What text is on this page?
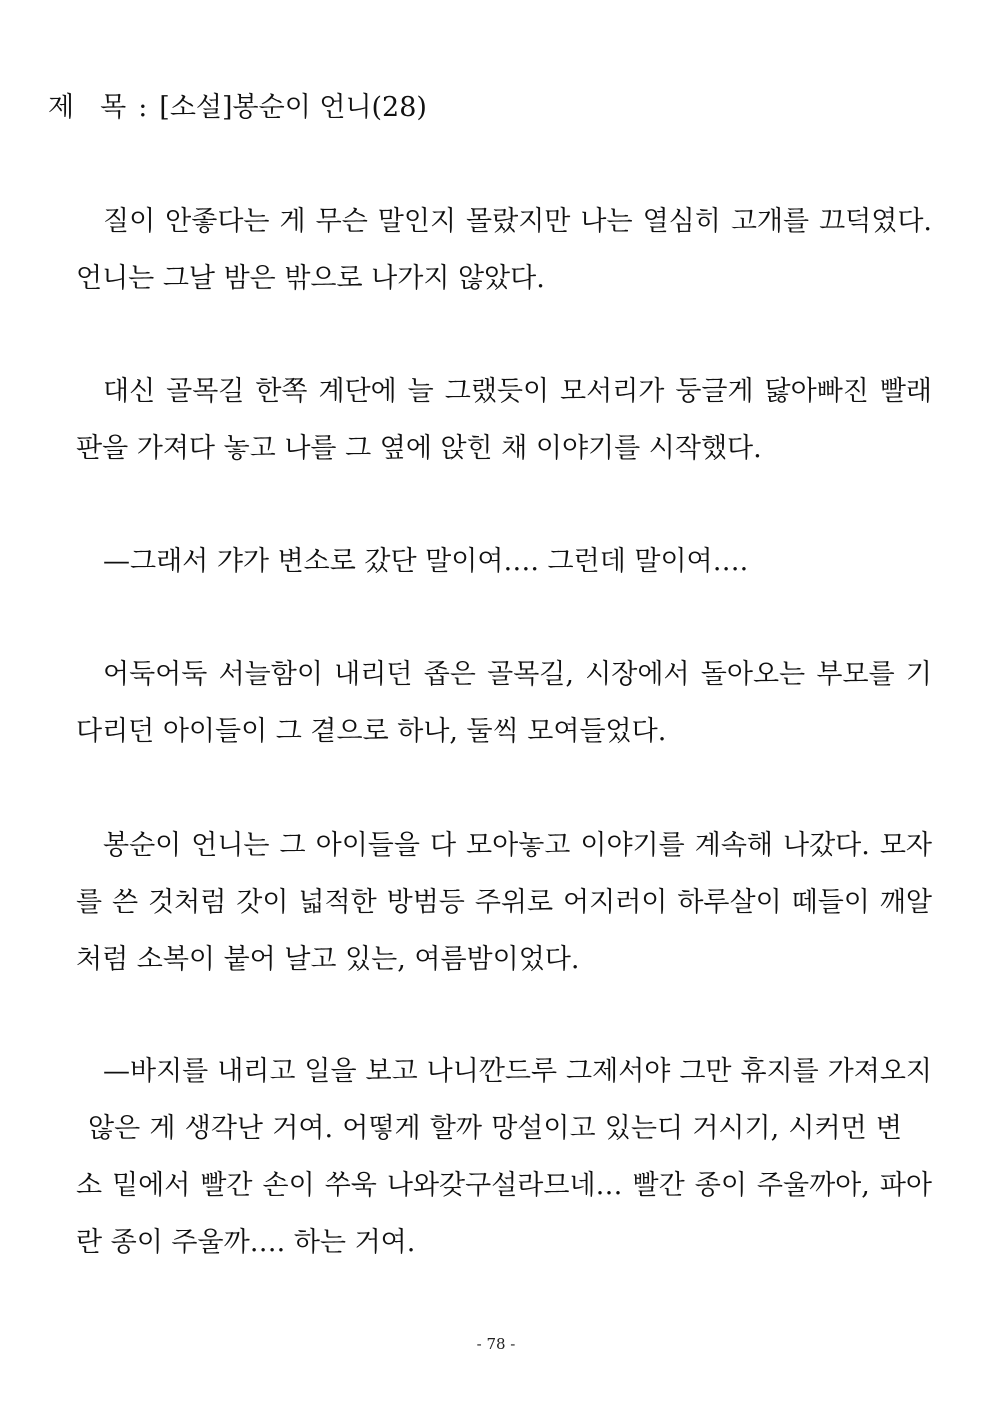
제 목 : [소설]봉순이 언니(28)
질이 안좋다는 게 무슨 말인지 몰랐지만 나는 열심히 고개를 끄덕였다.
언니는 그날 밤은 밖으로 나가지 않았다.
대신 골목길 한쪽 계단에 늘 그랬듯이 모서리가 둥글게 닳아빠진 빨래
판을 가져다 놓고 나를 그 옆에 앉힌 채 이야기를 시작했다.
—그래서 갸가 변소로 갔단 말이여…. 그런데 말이여….
어둑어둑 서늘함이 내리던 좁은 골목길, 시장에서 돌아오는 부모를 기
다리던 아이들이 그 곁으로 하나, 둘씩 모여들었다.
봉순이 언니는 그 아이들을 다 모아놓고 이야기를 계속해 나갔다. 모자
를 쓴 것처럼 갓이 넓적한 방범등 주위로 어지러이 하루살이 떼들이 깨알
처럼 소복이 붙어 날고 있는, 여름밤이었다.
—바지를 내리고 일을 보고 나니깐드루 그제서야 그만 휴지를 가져오지
않은 게 생각난 거여. 어떻게 할까 망설이고 있는디 거시기, 시커먼 변
소 밑에서 빨간 손이 쑤욱 나와갖구설라므네… 빨간 종이 주울까아, 파아
란 종이 주울까…. 하는 거여.
- 78 -
